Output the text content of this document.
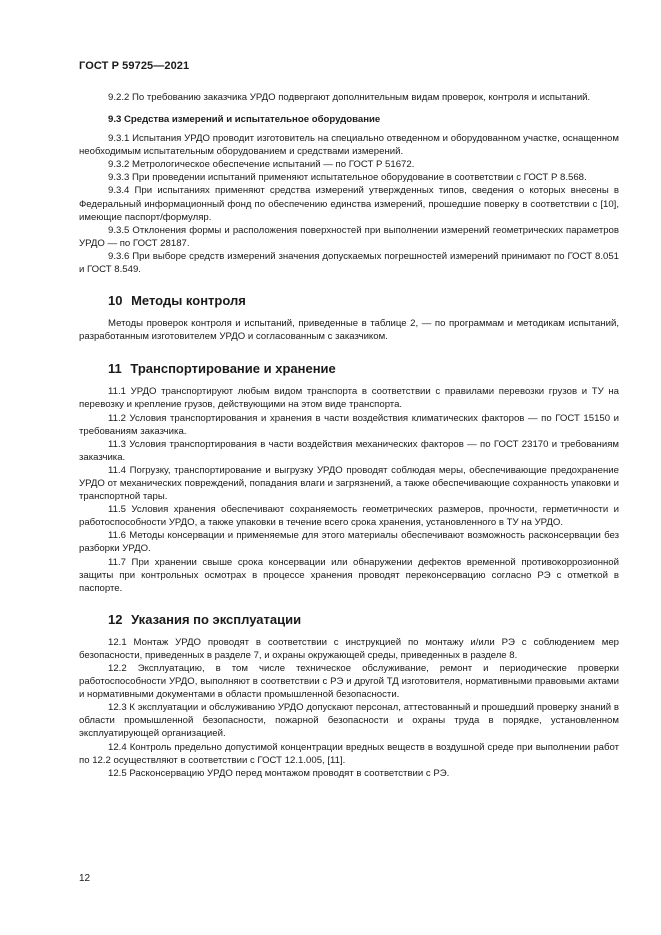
ГОСТ Р 59725—2021

9.2.2 По требованию заказчика УРДО подвергают дополнительным видам проверок, контроля и испытаний.

9.3 Средства измерений и испытательное оборудование

9.3.1 Испытания УРДО проводит изготовитель на специально отведенном и оборудованном участке, оснащенном необходимым испытательным оборудованием и средствами измерений.

9.3.2 Метрологическое обеспечение испытаний — по ГОСТ Р 51672.

9.3.3 При проведении испытаний применяют испытательное оборудование в соответствии с ГОСТ Р 8.568.

9.3.4 При испытаниях применяют средства измерений утвержденных типов, сведения о которых внесены в Федеральный информационный фонд по обеспечению единства измерений, прошедшие поверку в соответствии с [10], имеющие паспорт/формуляр.

9.3.5 Отклонения формы и расположения поверхностей при выполнении измерений геометрических параметров УРДО — по ГОСТ 28187.

9.3.6 При выборе средств измерений значения допускаемых погрешностей измерений принимают по ГОСТ 8.051 и ГОСТ 8.549.

10 Методы контроля

Методы проверок контроля и испытаний, приведенные в таблице 2, — по программам и методикам испытаний, разработанным изготовителем УРДО и согласованным с заказчиком.

11 Транспортирование и хранение

11.1 УРДО транспортируют любым видом транспорта в соответствии с правилами перевозки грузов и ТУ на перевозку и крепление грузов, действующими на этом виде транспорта.

11.2 Условия транспортирования и хранения в части воздействия климатических факторов — по ГОСТ 15150 и требованиям заказчика.

11.3 Условия транспортирования в части воздействия механических факторов — по ГОСТ 23170 и требованиям заказчика.

11.4 Погрузку, транспортирование и выгрузку УРДО проводят соблюдая меры, обеспечивающие предохранение УРДО от механических повреждений, попадания влаги и загрязнений, а также обеспечивающие сохранность упаковки и транспортной тары.

11.5 Условия хранения обеспечивают сохраняемость геометрических размеров, прочности, герметичности и работоспособности УРДО, а также упаковки в течение всего срока хранения, установленного в ТУ на УРДО.

11.6 Методы консервации и применяемые для этого материалы обеспечивают возможность расконсервации без разборки УРДО.

11.7 При хранении свыше срока консервации или обнаружении дефектов временной противокоррозионной защиты при контрольных осмотрах в процессе хранения проводят переконсервацию согласно РЭ с отметкой в паспорте.

12 Указания по эксплуатации

12.1 Монтаж УРДО проводят в соответствии с инструкцией по монтажу и/или РЭ с соблюдением мер безопасности, приведенных в разделе 7, и охраны окружающей среды, приведенных в разделе 8.

12.2 Эксплуатацию, в том числе техническое обслуживание, ремонт и периодические проверки работоспособности УРДО, выполняют в соответствии с РЭ и другой ТД изготовителя, нормативными правовыми актами и нормативными документами в области промышленной безопасности.

12.3 К эксплуатации и обслуживанию УРДО допускают персонал, аттестованный и прошедший проверку знаний в области промышленной безопасности, пожарной безопасности и охраны труда в порядке, установленном эксплуатирующей организацией.

12.4 Контроль предельно допустимой концентрации вредных веществ в воздушной среде при выполнении работ по 12.2 осуществляют в соответствии с ГОСТ 12.1.005, [11].

12.5 Расконсервацию УРДО перед монтажом проводят в соответствии с РЭ.

12
